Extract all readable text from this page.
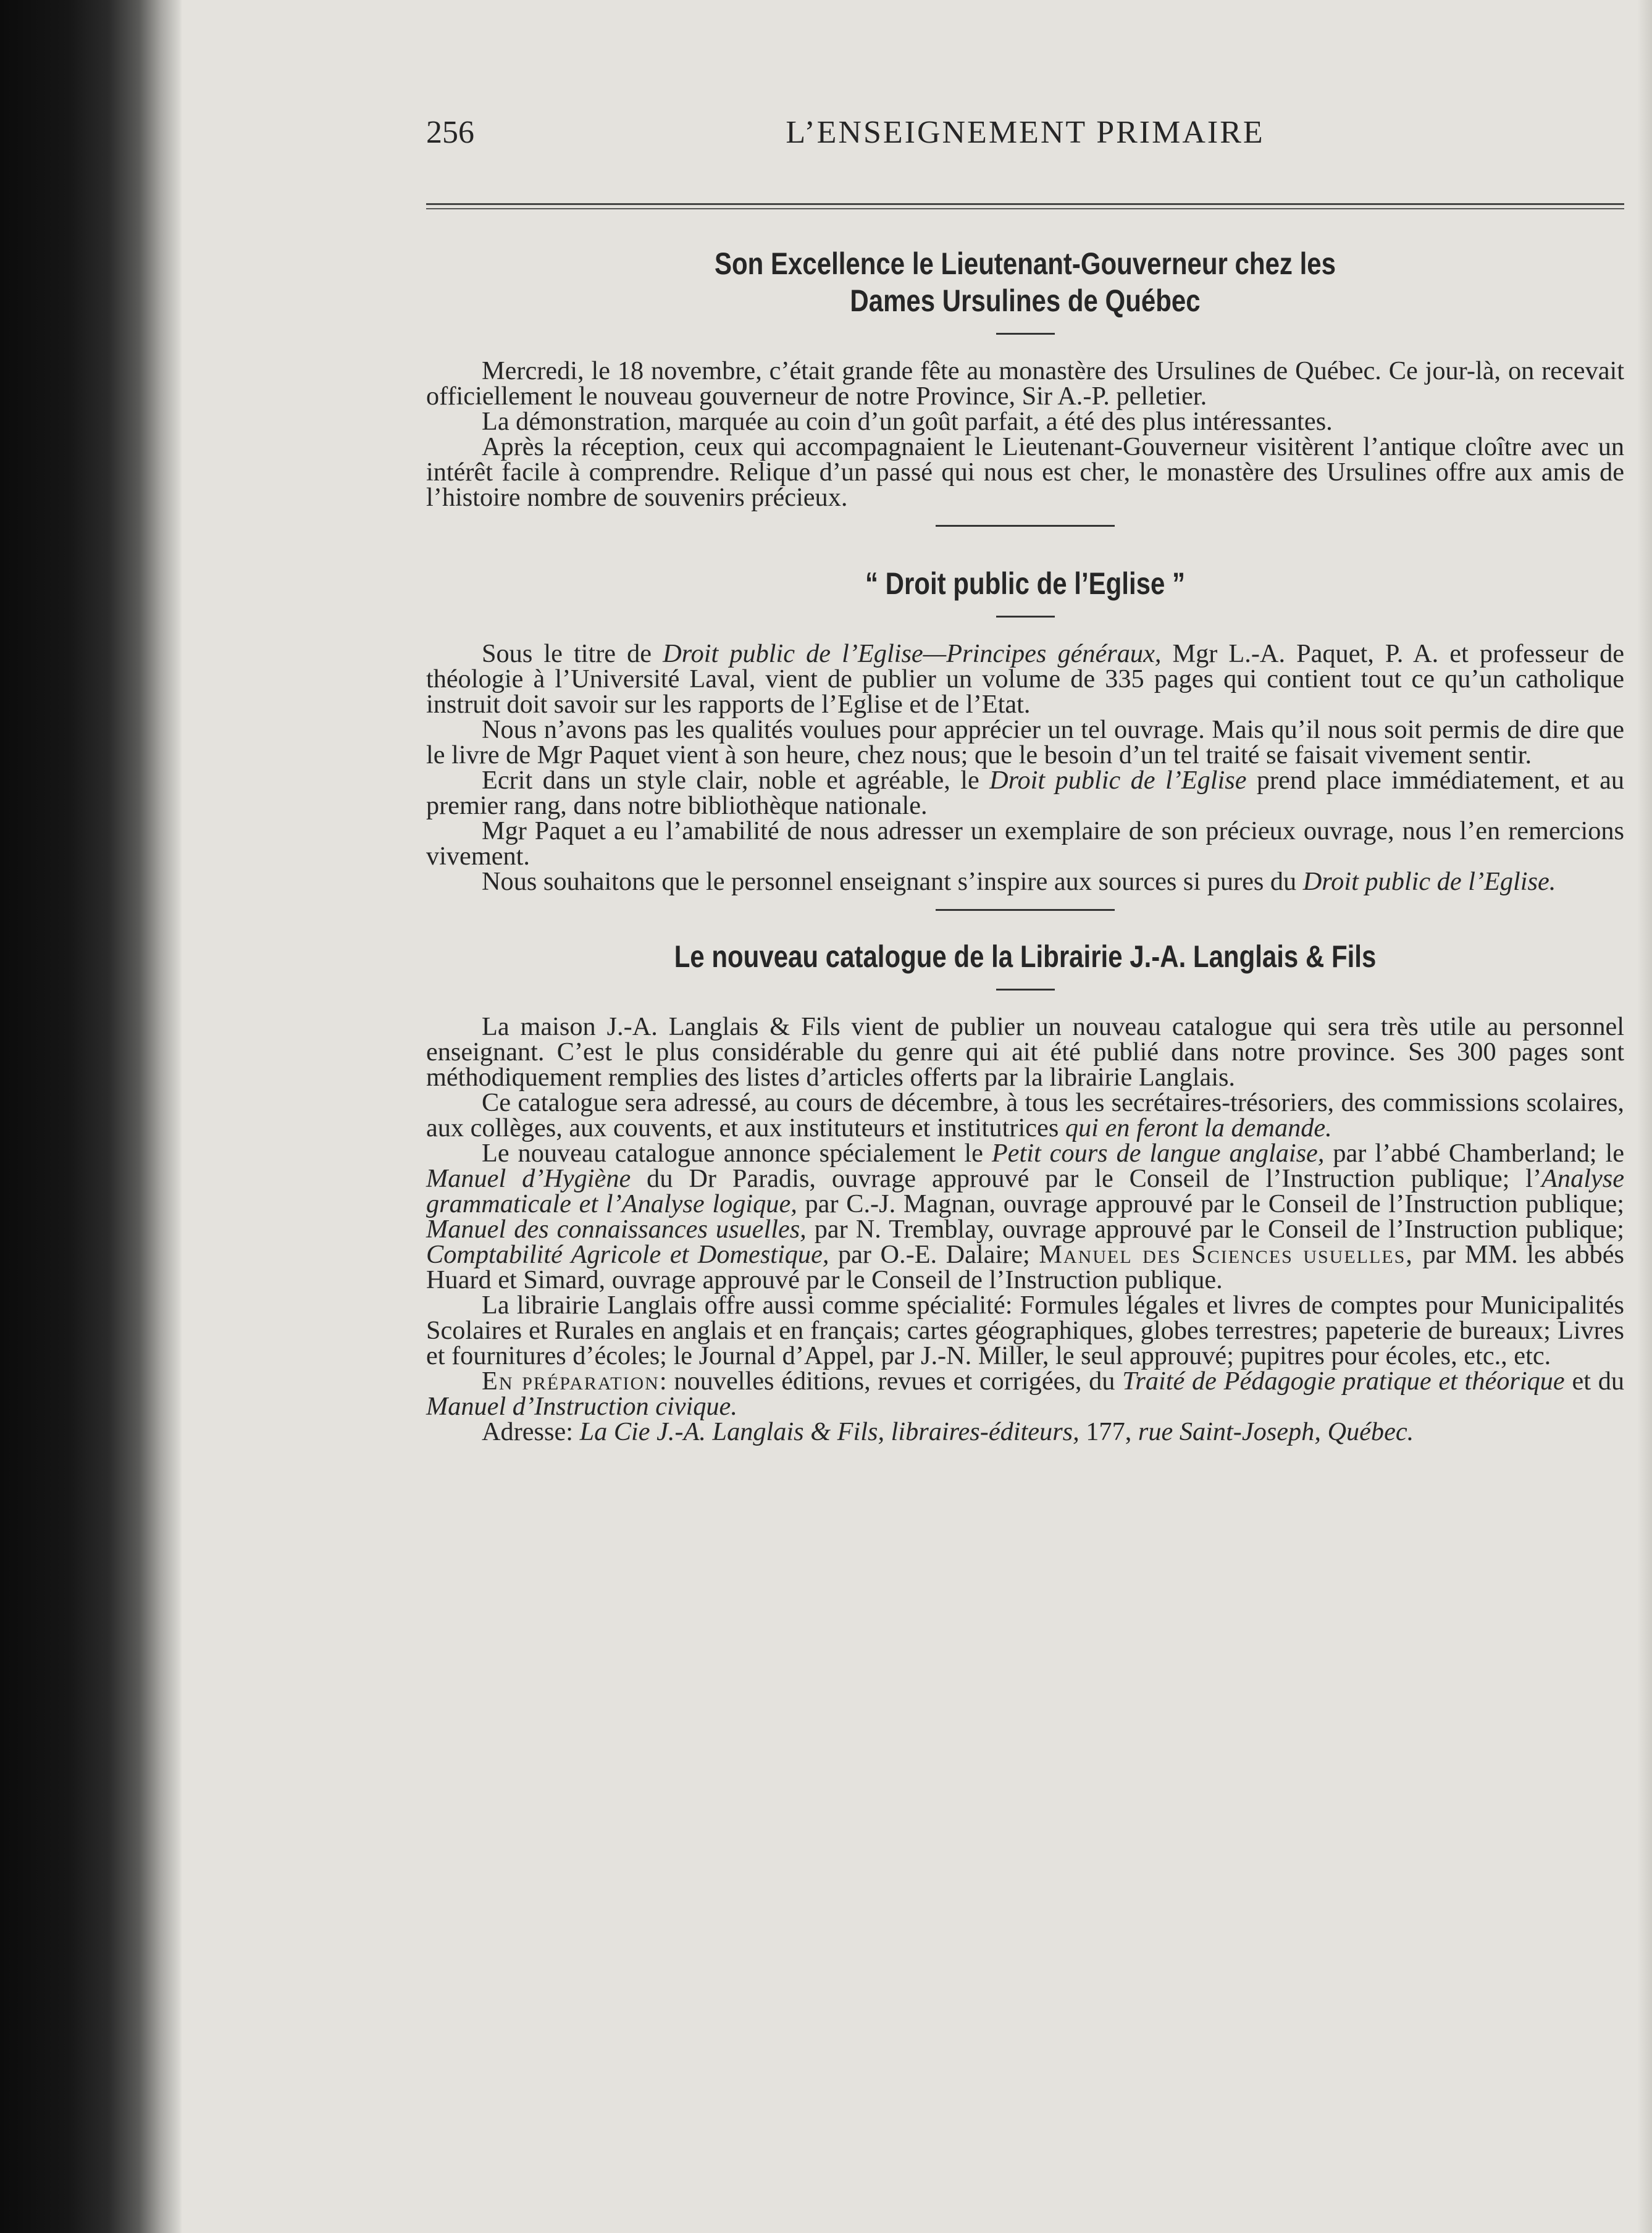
256	L’ENSEIGNEMENT PRIMAIRE
Son Excellence le Lieutenant-Gouverneur chez les
Dames Ursulines de Québec

Mercredi, le 18 novembre, c’était grande fête au monastère des Ursulines de Québec. Ce jour-là, on recevait officiellement le nouveau gouverneur de notre Province, Sir A.-P. pelletier.

La démonstration, marquée au coin d’un goût parfait, a été des plus intéressantes.

Après la réception, ceux qui accompagnaient le Lieutenant-Gouverneur visitèrent l’antique cloître avec un intérêt facile à comprendre. Relique d’un passé qui nous est cher, le monastère des Ursulines offre aux amis de l’histoire nombre de souvenirs précieux.

“ Droit public de l’Eglise ”

Sous le titre de Droit public de l’Eglise—Principes généraux, Mgr L.-A. Paquet, P. A. et professeur de théologie à l’Université Laval, vient de publier un volume de 335 pages qui contient tout ce qu’un catholique instruit doit savoir sur les rapports de l’Eglise et de l’Etat.

Nous n’avons pas les qualités voulues pour apprécier un tel ouvrage. Mais qu’il nous soit permis de dire que le livre de Mgr Paquet vient à son heure, chez nous; que le besoin d’un tel traité se faisait vivement sentir.

Ecrit dans un style clair, noble et agréable, le Droit public de l’Eglise prend place immédiatement, et au premier rang, dans notre bibliothèque nationale.

Mgr Paquet a eu l’amabilité de nous adresser un exemplaire de son précieux ouvrage, nous l’en remercions vivement.

Nous souhaitons que le personnel enseignant s’inspire aux sources si pures du Droit public de l’Eglise.

Le nouveau catalogue de la Librairie J.-A. Langlais & Fils

La maison J.-A. Langlais & Fils vient de publier un nouveau catalogue qui sera très utile au personnel enseignant. C’est le plus considérable du genre qui ait été publié dans notre province. Ses 300 pages sont méthodiquement remplies des listes d’articles offerts par la librairie Langlais.

Ce catalogue sera adressé, au cours de décembre, à tous les secrétaires-trésoriers, des commissions scolaires, aux collèges, aux couvents, et aux instituteurs et institutrices qui en feront la demande.

Le nouveau catalogue annonce spécialement le Petit cours de langue anglaise, par l’abbé Chamberland; le Manuel d’Hygiène du Dr Paradis, ouvrage approuvé par le Conseil de l’Instruction publique; l’Analyse grammaticale et l’Analyse logique, par C.-J. Magnan, ouvrage approuvé par le Conseil de l’Instruction publique; Manuel des connaissances usuelles, par N. Tremblay, ouvrage approuvé par le Conseil de l’Instruction publique; Comptabilité Agricole et Domestique, par O.-E. Dalaire; Manuel des Sciences usuelles, par MM. les abbés Huard et Simard, ouvrage approuvé par le Conseil de l’Instruction publique.

La librairie Langlais offre aussi comme spécialité: Formules légales et livres de comptes pour Municipalités Scolaires et Rurales en anglais et en français; cartes géographiques, globes terrestres; papeterie de bureaux; Livres et fournitures d’écoles; le Journal d’Appel, par J.-N. Miller, le seul approuvé; pupitres pour écoles, etc., etc.

En préparation: nouvelles éditions, revues et corrigées, du Traité de Pédagogie pratique et théorique et du Manuel d’Instruction civique.

Adresse: La Cie J.-A. Langlais & Fils, libraires-éditeurs, 177, rue Saint-Joseph, Québec.
